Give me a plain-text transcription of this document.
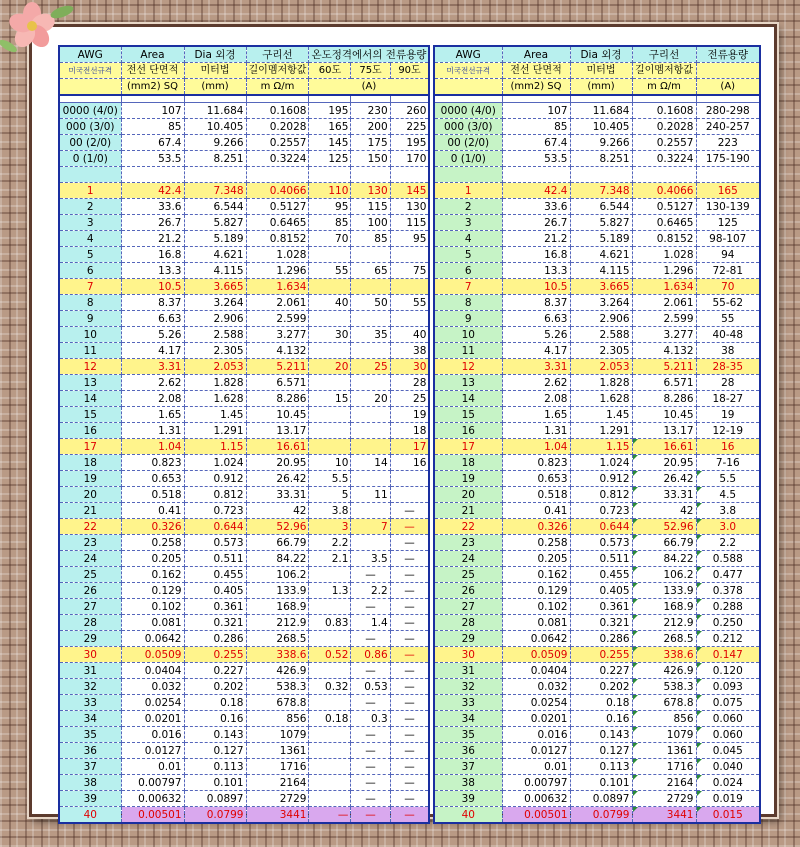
AWG	Area	Dia 외경	구리선	온도정격에서의 전류용량		
미국전선규격	전선 단면적	미터법	길이멤저항값	60도	75도	90도
	(mm2) SQ	(mm)	m Ω/m	(A)		

0000 (4/0)	107	11.684	0.1608	195	230	260
000 (3/0)	85	10.405	0.2028	165	200	225
00 (2/0)	67.4	9.266	0.2557	145	175	195
0 (1/0)	53.5	8.251	0.3224	125	150	170

1	42.4	7.348	0.4066	110	130	145
2	33.6	6.544	0.5127	95	115	130
3	26.7	5.827	0.6465	85	100	115
4	21.2	5.189	0.8152	70	85	95
5	16.8	4.621	1.028			
6	13.3	4.115	1.296	55	65	75
7	10.5	3.665	1.634			
8	8.37	3.264	2.061	40	50	55
9	6.63	2.906	2.599			
10	5.26	2.588	3.277	30	35	40
11	4.17	2.305	4.132			38
12	3.31	2.053	5.211	20	25	30
13	2.62	1.828	6.571			28
14	2.08	1.628	8.286	15	20	25
15	1.65	1.45	10.45			19
16	1.31	1.291	13.17			18
17	1.04	1.15	16.61			17
18	0.823	1.024	20.95	10	14	16
19	0.653	0.912	26.42	5.5		
20	0.518	0.812	33.31	5	11	
21	0.41	0.723	42	3.8		—
22	0.326	0.644	52.96	3	7	—
23	0.258	0.573	66.79	2.2		—
24	0.205	0.511	84.22	2.1	3.5	—
25	0.162	0.455	106.2		—	—
26	0.129	0.405	133.9	1.3	2.2	—
27	0.102	0.361	168.9		—	—
28	0.081	0.321	212.9	0.83	1.4	—
29	0.0642	0.286	268.5		—	—
30	0.0509	0.255	338.6	0.52	0.86	—
31	0.0404	0.227	426.9		—	—
32	0.032	0.202	538.3	0.32	0.53	—
33	0.0254	0.18	678.8		—	—
34	0.0201	0.16	856	0.18	0.3	—
35	0.016	0.143	1079		—	—
36	0.0127	0.127	1361		—	—
37	0.01	0.113	1716		—	—
38	0.00797	0.101	2164		—	—
39	0.00632	0.0897	2729		—	—
40	0.00501	0.0799	3441	—	—	—
AWG	Area	Dia 외경	구리선	전류용량
미국전선규격	전선 단면적	미터법	길이멤저항값	
	(mm2) SQ	(mm)	m Ω/m	(A)

0000 (4/0)	107	11.684	0.1608	280-298
000 (3/0)	85	10.405	0.2028	240-257
00 (2/0)	67.4	9.266	0.2557	223
0 (1/0)	53.5	8.251	0.3224	175-190

1	42.4	7.348	0.4066	165
2	33.6	6.544	0.5127	130-139
3	26.7	5.827	0.6465	125
4	21.2	5.189	0.8152	98-107
5	16.8	4.621	1.028	94
6	13.3	4.115	1.296	72-81
7	10.5	3.665	1.634	70
8	8.37	3.264	2.061	55-62
9	6.63	2.906	2.599	55
10	5.26	2.588	3.277	40-48
11	4.17	2.305	4.132	38
12	3.31	2.053	5.211	28-35
13	2.62	1.828	6.571	28
14	2.08	1.628	8.286	18-27
15	1.65	1.45	10.45	19
16	1.31	1.291	13.17	12-19
17	1.04	1.15	16.61	16
18	0.823	1.024	20.95	7-16
19	0.653	0.912	26.42	5.5
20	0.518	0.812	33.31	4.5
21	0.41	0.723	42	3.8
22	0.326	0.644	52.96	3.0
23	0.258	0.573	66.79	2.2
24	0.205	0.511	84.22	0.588
25	0.162	0.455	106.2	0.477
26	0.129	0.405	133.9	0.378
27	0.102	0.361	168.9	0.288
28	0.081	0.321	212.9	0.250
29	0.0642	0.286	268.5	0.212
30	0.0509	0.255	338.6	0.147
31	0.0404	0.227	426.9	0.120
32	0.032	0.202	538.3	0.093
33	0.0254	0.18	678.8	0.075
34	0.0201	0.16	856	0.060
35	0.016	0.143	1079	0.060
36	0.0127	0.127	1361	0.045
37	0.01	0.113	1716	0.040
38	0.00797	0.101	2164	0.024
39	0.00632	0.0897	2729	0.019
40	0.00501	0.0799	3441	0.015
